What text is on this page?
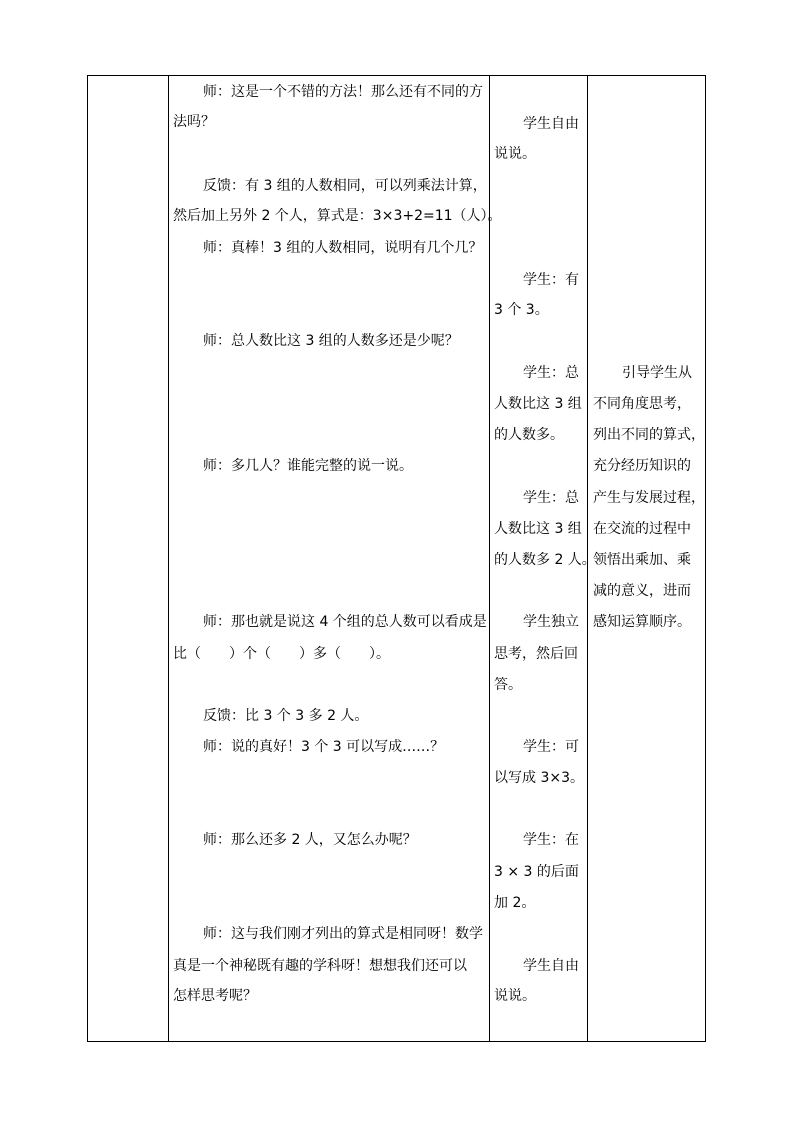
师：这是一个不错的方法！那么还有不同的方
法吗？
反馈：有 3 组的人数相同，可以列乘法计算，
然后加上另外 2 个人，算式是：3×3+2=11（人）。
师：真棒！3 组的人数相同，说明有几个几？
师：总人数比这 3 组的人数多还是少呢？
师：多几人？谁能完整的说一说。
师：那也就是说这 4 个组的总人数可以看成是
比（　　）个（　　）多（　　）。
反馈：比 3 个 3 多 2 人。
师：说的真好！3 个 3 可以写成……？
师：那么还多 2 人，又怎么办呢？
师：这与我们刚才列出的算式是相同呀！数学
真是一个神秘既有趣的学科呀！想想我们还可以
怎样思考呢？
学生自由
说说。
学生：有
3 个 3。
学生：总
人数比这 3 组
的人数多。
学生：总
人数比这 3 组
的人数多 2 人。
学生独立
思考，然后回
答。
学生：可
以写成 3×3。
学生：在
3 × 3 的后面
加 2。
学生自由
说说。
引导学生从
不同角度思考，
列出不同的算式，
充分经历知识的
产生与发展过程，
在交流的过程中
领悟出乘加、乘
减的意义，进而
感知运算顺序。
